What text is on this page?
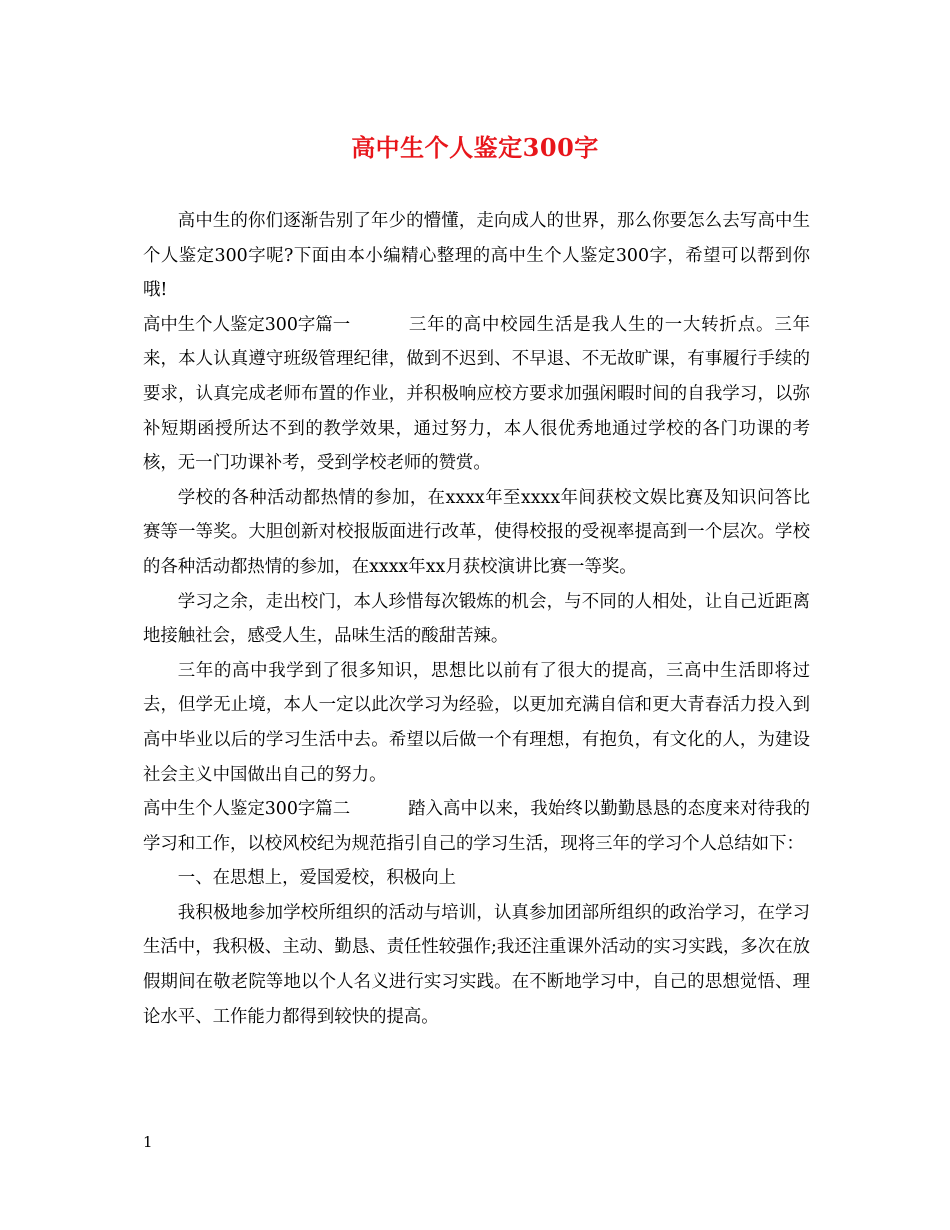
高中生个人鉴定300字

高中生的你们逐渐告别了年少的懵懂，走向成人的世界，那么你要怎么去写高中生个人鉴定300字呢?下面由本小编精心整理的高中生个人鉴定300字，希望可以帮到你哦!

高中生个人鉴定300字篇一	三年的高中校园生活是我人生的一大转折点。三年来，本人认真遵守班级管理纪律，做到不迟到、不早退、不无故旷课，有事履行手续的要求，认真完成老师布置的作业，并积极响应校方要求加强闲暇时间的自我学习，以弥补短期函授所达不到的教学效果，通过努力，本人很优秀地通过学校的各门功课的考核，无一门功课补考，受到学校老师的赞赏。

学校的各种活动都热情的参加，在xxxx年至xxxx年间获校文娱比赛及知识问答比赛等一等奖。大胆创新对校报版面进行改革，使得校报的受视率提高到一个层次。学校的各种活动都热情的参加，在xxxx年xx月获校演讲比赛一等奖。

学习之余，走出校门，本人珍惜每次锻炼的机会，与不同的人相处，让自己近距离地接触社会，感受人生，品味生活的酸甜苦辣。

三年的高中我学到了很多知识，思想比以前有了很大的提高，三高中生活即将过去，但学无止境，本人一定以此次学习为经验，以更加充满自信和更大青春活力投入到高中毕业以后的学习生活中去。希望以后做一个有理想，有抱负，有文化的人，为建设社会主义中国做出自己的努力。

高中生个人鉴定300字篇二	踏入高中以来，我始终以勤勤恳恳的态度来对待我的学习和工作，以校风校纪为规范指引自己的学习生活，现将三年的学习个人总结如下：

一、在思想上，爱国爱校，积极向上

我积极地参加学校所组织的活动与培训，认真参加团部所组织的政治学习，在学习生活中，我积极、主动、勤恳、责任性较强作;我还注重课外活动的实习实践，多次在放假期间在敬老院等地以个人名义进行实习实践。在不断地学习中，自己的思想觉悟、理论水平、工作能力都得到较快的提高。

1
